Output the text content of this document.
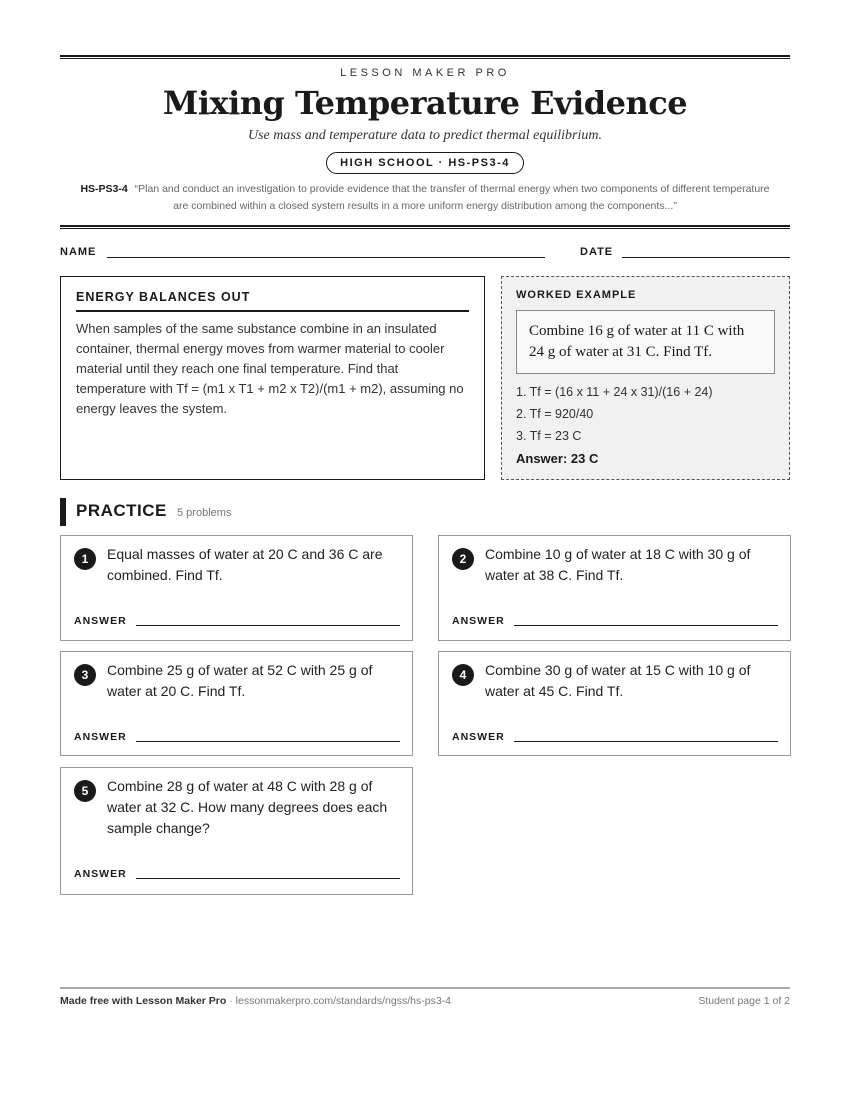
LESSON MAKER PRO
Mixing Temperature Evidence
Use mass and temperature data to predict thermal equilibrium.
HIGH SCHOOL · HS-PS3-4
HS-PS3-4 “Plan and conduct an investigation to provide evidence that the transfer of thermal energy when two components of different temperature are combined within a closed system results in a more uniform energy distribution among the components...”
NAME	DATE
ENERGY BALANCES OUT
When samples of the same substance combine in an insulated container, thermal energy moves from warmer material to cooler material until they reach one final temperature. Find that temperature with Tf = (m1 x T1 + m2 x T2)/(m1 + m2), assuming no energy leaves the system.
WORKED EXAMPLE
Combine 16 g of water at 11 C with 24 g of water at 31 C. Find Tf.
1. Tf = (16 x 11 + 24 x 31)/(16 + 24)
2. Tf = 920/40
3. Tf = 23 C
Answer: 23 C
PRACTICE 5 problems
1	Equal masses of water at 20 C and 36 C are combined. Find Tf.
ANSWER
2	Combine 10 g of water at 18 C with 30 g of water at 38 C. Find Tf.
ANSWER
3	Combine 25 g of water at 52 C with 25 g of water at 20 C. Find Tf.
ANSWER
4	Combine 30 g of water at 15 C with 10 g of water at 45 C. Find Tf.
ANSWER
5	Combine 28 g of water at 48 C with 28 g of water at 32 C. How many degrees does each sample change?
ANSWER
Made free with Lesson Maker Pro · lessonmakerpro.com/standards/ngss/hs-ps3-4	Student page 1 of 2
